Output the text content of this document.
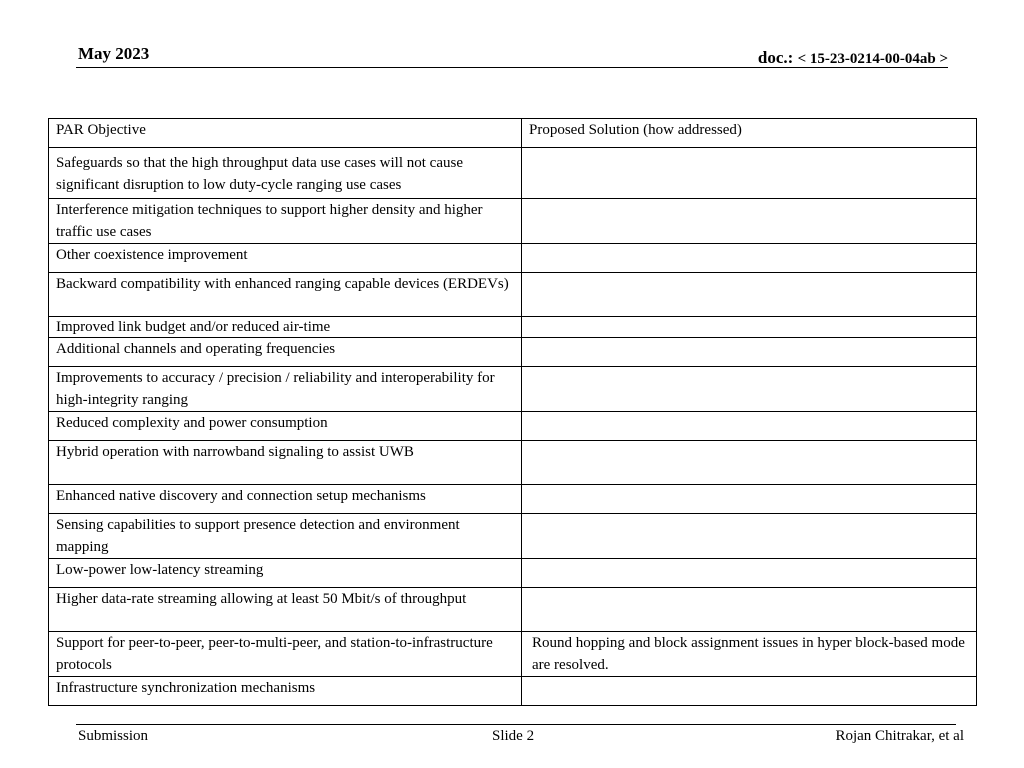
May 2023	doc.: < 15-23-0214-00-04ab >
PAR Objective	Proposed Solution (how addressed)
Safeguards so that the high throughput data use cases will not cause significant disruption to low duty-cycle ranging use cases	
Interference mitigation techniques to support higher density and higher traffic use cases	
Other coexistence improvement	
Backward compatibility with enhanced ranging capable devices (ERDEVs)	
Improved link budget and/or reduced air-time	
Additional channels and operating frequencies	
Improvements to accuracy / precision / reliability and interoperability for high-integrity ranging	
Reduced complexity and power consumption	
Hybrid operation with narrowband signaling to assist UWB	
Enhanced native discovery and connection setup mechanisms	
Sensing capabilities to support presence detection and environment mapping	
Low-power low-latency streaming	
Higher data-rate streaming allowing at least 50 Mbit/s of throughput	
Support for peer-to-peer, peer-to-multi-peer, and station-to-infrastructure protocols	Round hopping and block assignment issues in hyper block-based mode are resolved.
Infrastructure synchronization mechanisms	
Submission	Slide 2	Rojan Chitrakar, et al
